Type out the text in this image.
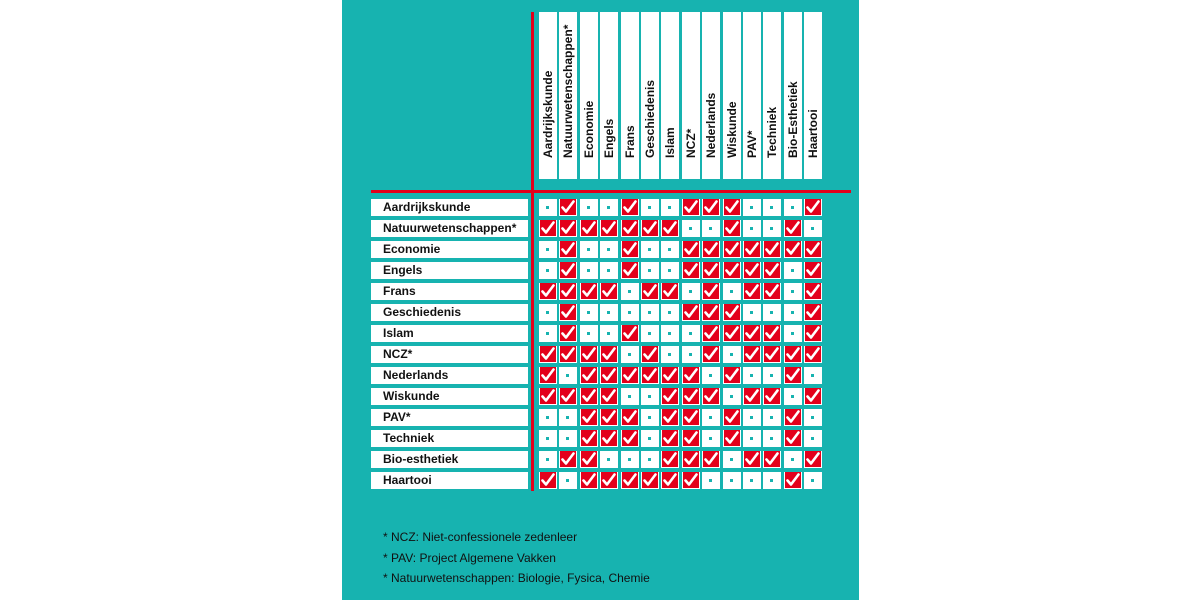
Aardrijkskunde Natuurwetenschappen* Economie Engels Frans Geschiedenis Islam NCZ* Nederlands Wiskunde PAV* Techniek Bio-Esthetiek Haartooi
Aardrijkskunde
Natuurwetenschappen*
Economie
Engels
Frans
Geschiedenis
Islam
NCZ*
Nederlands
Wiskunde
PAV*
Techniek
Bio-esthetiek
Haartooi
* NCZ: Niet-confessionele zedenleer
* PAV: Project Algemene Vakken
* Natuurwetenschappen: Biologie, Fysica, Chemie
